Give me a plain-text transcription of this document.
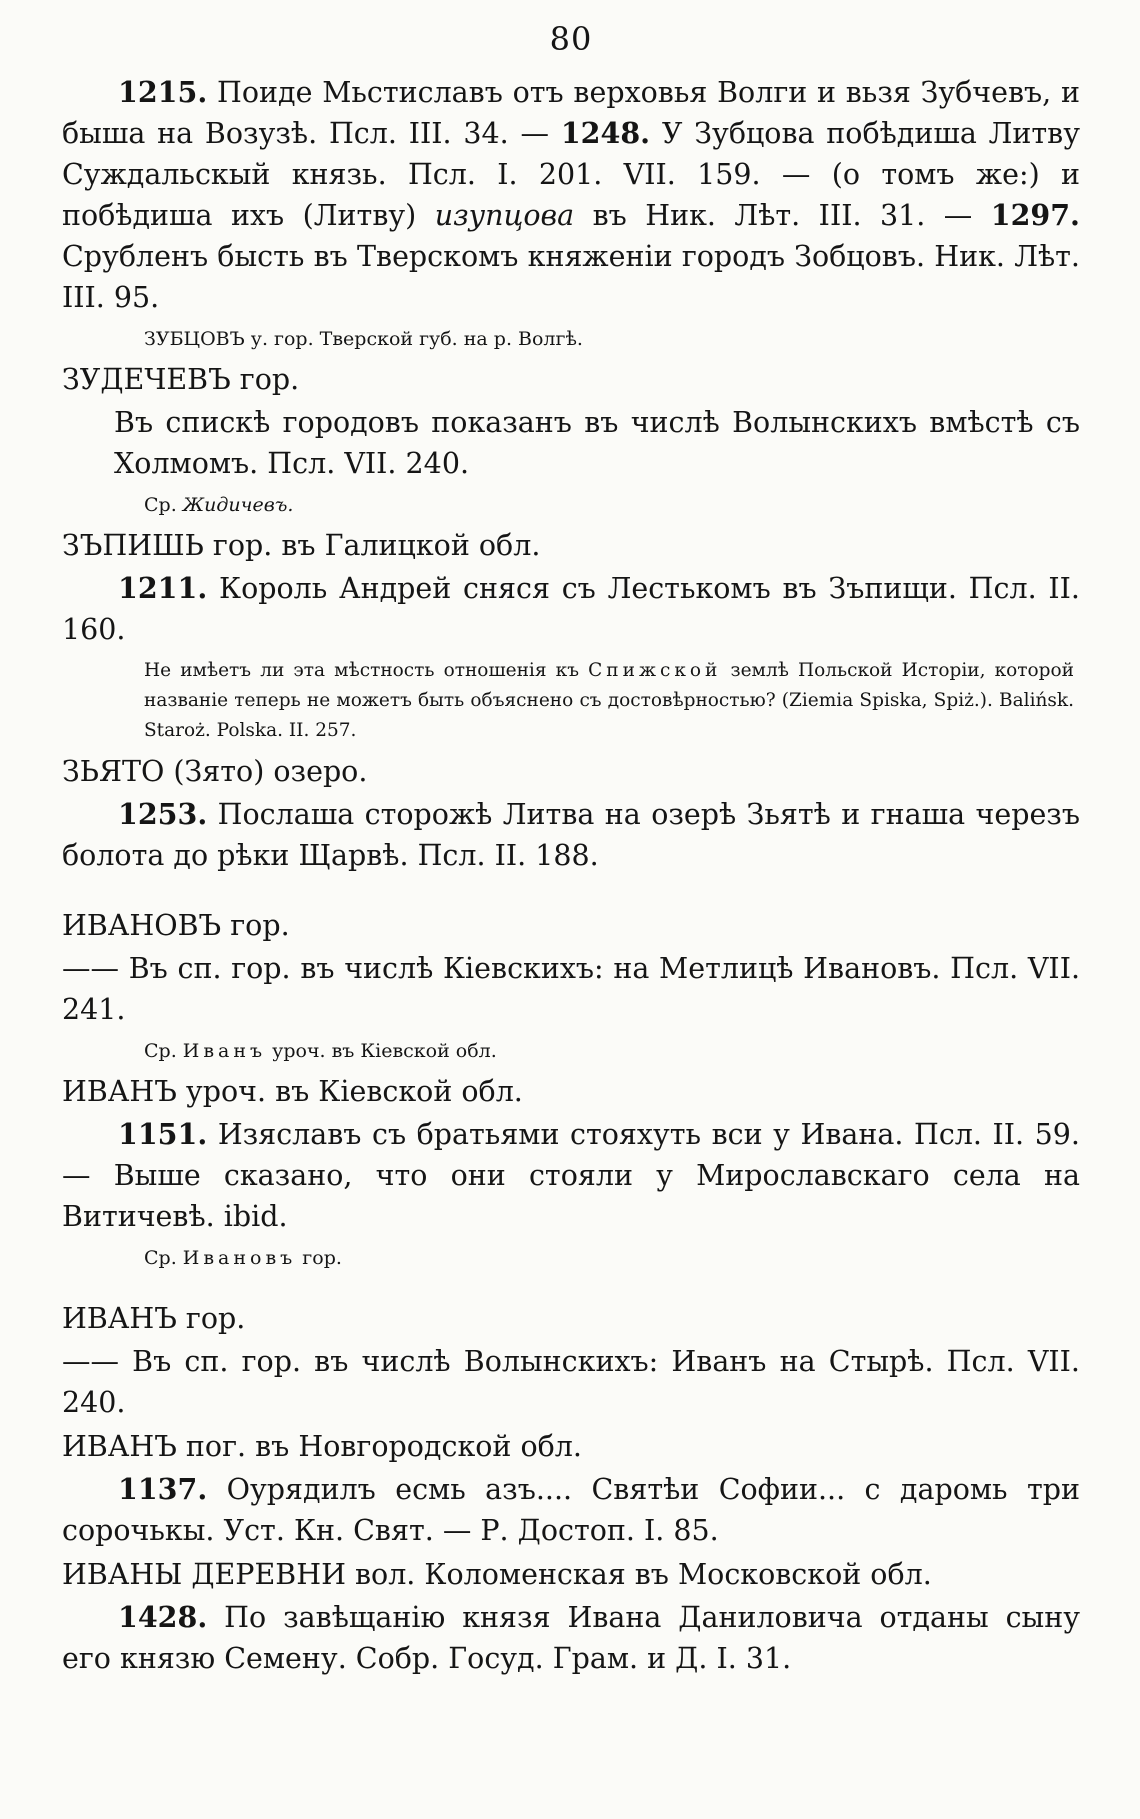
80
1215. Поиде Мьстиславъ отъ верховья Волги и вьзя Зубчевъ, и быша на Возузѣ. Псл. III. 34. — 1248. У Зубцова побѣдиша Литву Суждальскый князь. Псл. I. 201. VII. 159. — (о томъ же:) и побѣдиша ихъ (Литву) изупцова въ Ник. Лѣт. III. 31. — 1297. Срубленъ бысть въ Тверскомъ княженіи городъ Зобцовъ. Ник. Лѣт. III. 95.
ЗУБЦОВЪ у. гор. Тверской губ. на р. Волгѣ.
ЗУДЕЧЕВЪ гор.
Въ спискѣ городовъ показанъ въ числѣ Волынскихъ вмѣстѣ съ Холмомъ. Псл. VII. 240.
Ср. Жидичевъ.
ЗЪПИШЬ гор. въ Галицкой обл.
1211. Король Андрей сняся съ Лестькомъ въ Зъпищи. Псл. II. 160.
Не имѣетъ ли эта мѣстность отношенія къ Спижской землѣ Польской Исторіи, которой названіе теперь не можетъ быть объяснено съ достовѣрностью? (Ziemia Spiska, Spiż.). Balińsk. Staroż. Polska. II. 257.
ЗЬЯТО (Зято) озеро.
1253. Послаша сторожѣ Литва на озерѣ Зьятѣ и гнаша черезъ болота до рѣки Щарвѣ. Псл. II. 188.
ИВАНОВЪ гор.
—— Въ сп. гор. въ числѣ Кіевскихъ: на Метлицѣ Ивановъ. Псл. VII. 241.
Ср. Иванъ уроч. въ Кіевской обл.
ИВАНЪ уроч. въ Кіевской обл.
1151. Изяславъ съ братьями стояхуть вси у Ивана. Псл. II. 59. — Выше сказано, что они стояли у Мирославскаго села на Витичевѣ. ibid.
Ср. Ивановъ гор.
ИВАНЪ гор.
—— Въ сп. гор. въ числѣ Волынскихъ: Иванъ на Стырѣ. Псл. VII. 240.
ИВАНЪ пог. въ Новгородской обл.
1137. Оурядилъ есмь азъ.... Святѣи Софии... с даромь три сорочькы. Уст. Кн. Свят. — Р. Достоп. I. 85.
ИВАНЫ ДЕРЕВНИ вол. Коломенская въ Московской обл.
1428. По завѣщанію князя Ивана Даниловича отданы сыну его князю Семену. Собр. Госуд. Грам. и Д. I. 31.
